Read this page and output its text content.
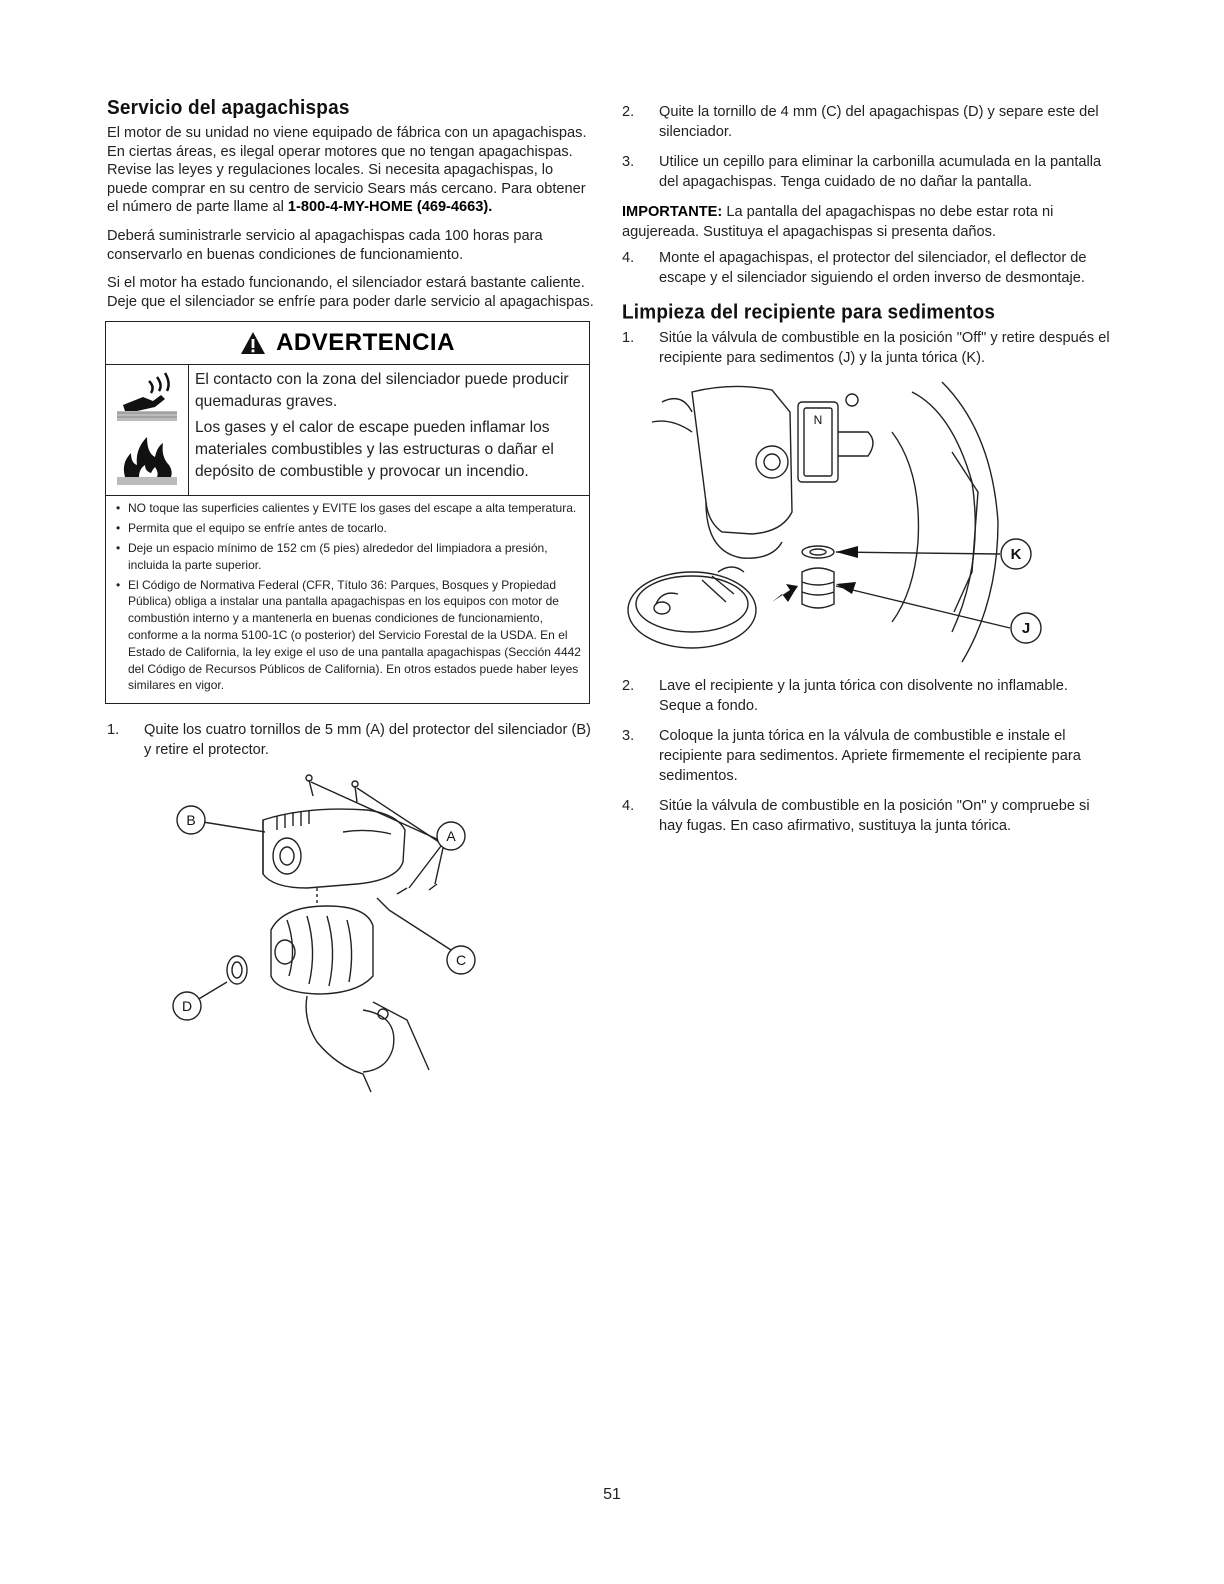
Servicio del apagachispas

El motor de su unidad no viene equipado de fábrica con un apagachispas. En ciertas áreas, es ilegal operar motores que no tengan apagachispas. Revise las leyes y regulaciones locales. Si necesita apagachispas, lo puede comprar en su centro de servicio Sears más cercano. Para obtener el número de parte llame al 1-800-4-MY-HOME (469-4663).

Deberá suministrarle servicio al apagachispas cada 100 horas para conservarlo en buenas condiciones de funcionamiento.

Si el motor ha estado funcionando, el silenciador estará bastante caliente. Deje que el silenciador se enfríe para poder darle servicio al apagachispas.

ADVERTENCIA

El contacto con la zona del silenciador puede producir quemaduras graves.

Los gases y el calor de escape pueden inflamar los materiales combustibles y las estructuras o dañar el depósito de combustible y provocar un incendio.

• NO toque las superficies calientes y EVITE los gases del escape a alta temperatura.
• Permita que el equipo se enfríe antes de tocarlo.
• Deje un espacio mínimo de 152 cm (5 pies) alrededor del limpiadora a presión, incluida la parte superior.
• El Código de Normativa Federal (CFR, Título 36: Parques, Bosques y Propiedad Pública) obliga a instalar una pantalla apagachispas en los equipos con motor de combustión interno y a mantenerla en buenas condiciones de funcionamiento, conforme a la norma 5100-1C (o posterior) del Servicio Forestal de la USDA. En el Estado de California, la ley exige el uso de una pantalla apagachispas (Sección 4442 del Código de Recursos Públicos de California). En otros estados puede haber leyes similares en vigor.
1. Quite los cuatro tornillos de 5 mm (A) del protector del silenciador (B) y retire el protector.
B
A
C
D
2. Quite la tornillo de 4 mm (C) del apagachispas (D) y separe este del silenciador.
3. Utilice un cepillo para eliminar la carbonilla acumulada en la pantalla del apagachispas. Tenga cuidado de no dañar la pantalla.

IMPORTANTE: La pantalla del apagachispas no debe estar rota ni agujereada. Sustituya el apagachispas si presenta daños.

4. Monte el apagachispas, el protector del silenciador, el deflector de escape y el silenciador siguiendo el orden inverso de desmontaje.
Limpieza del recipiente para sedimentos
1. Sitúe la válvula de combustible en la posición "Off" y retire después el recipiente para sedimentos (J) y la junta tórica (K).
N
K
J
2. Lave el recipiente y la junta tórica con disolvente no inflamable. Seque a fondo.
3. Coloque la junta tórica en la válvula de combustible e instale el recipiente para sedimentos. Apriete firmemente el recipiente para sedimentos.
4. Sitúe la válvula de combustible en la posición "On" y compruebe si hay fugas. En caso afirmativo, sustituya la junta tórica.
51
